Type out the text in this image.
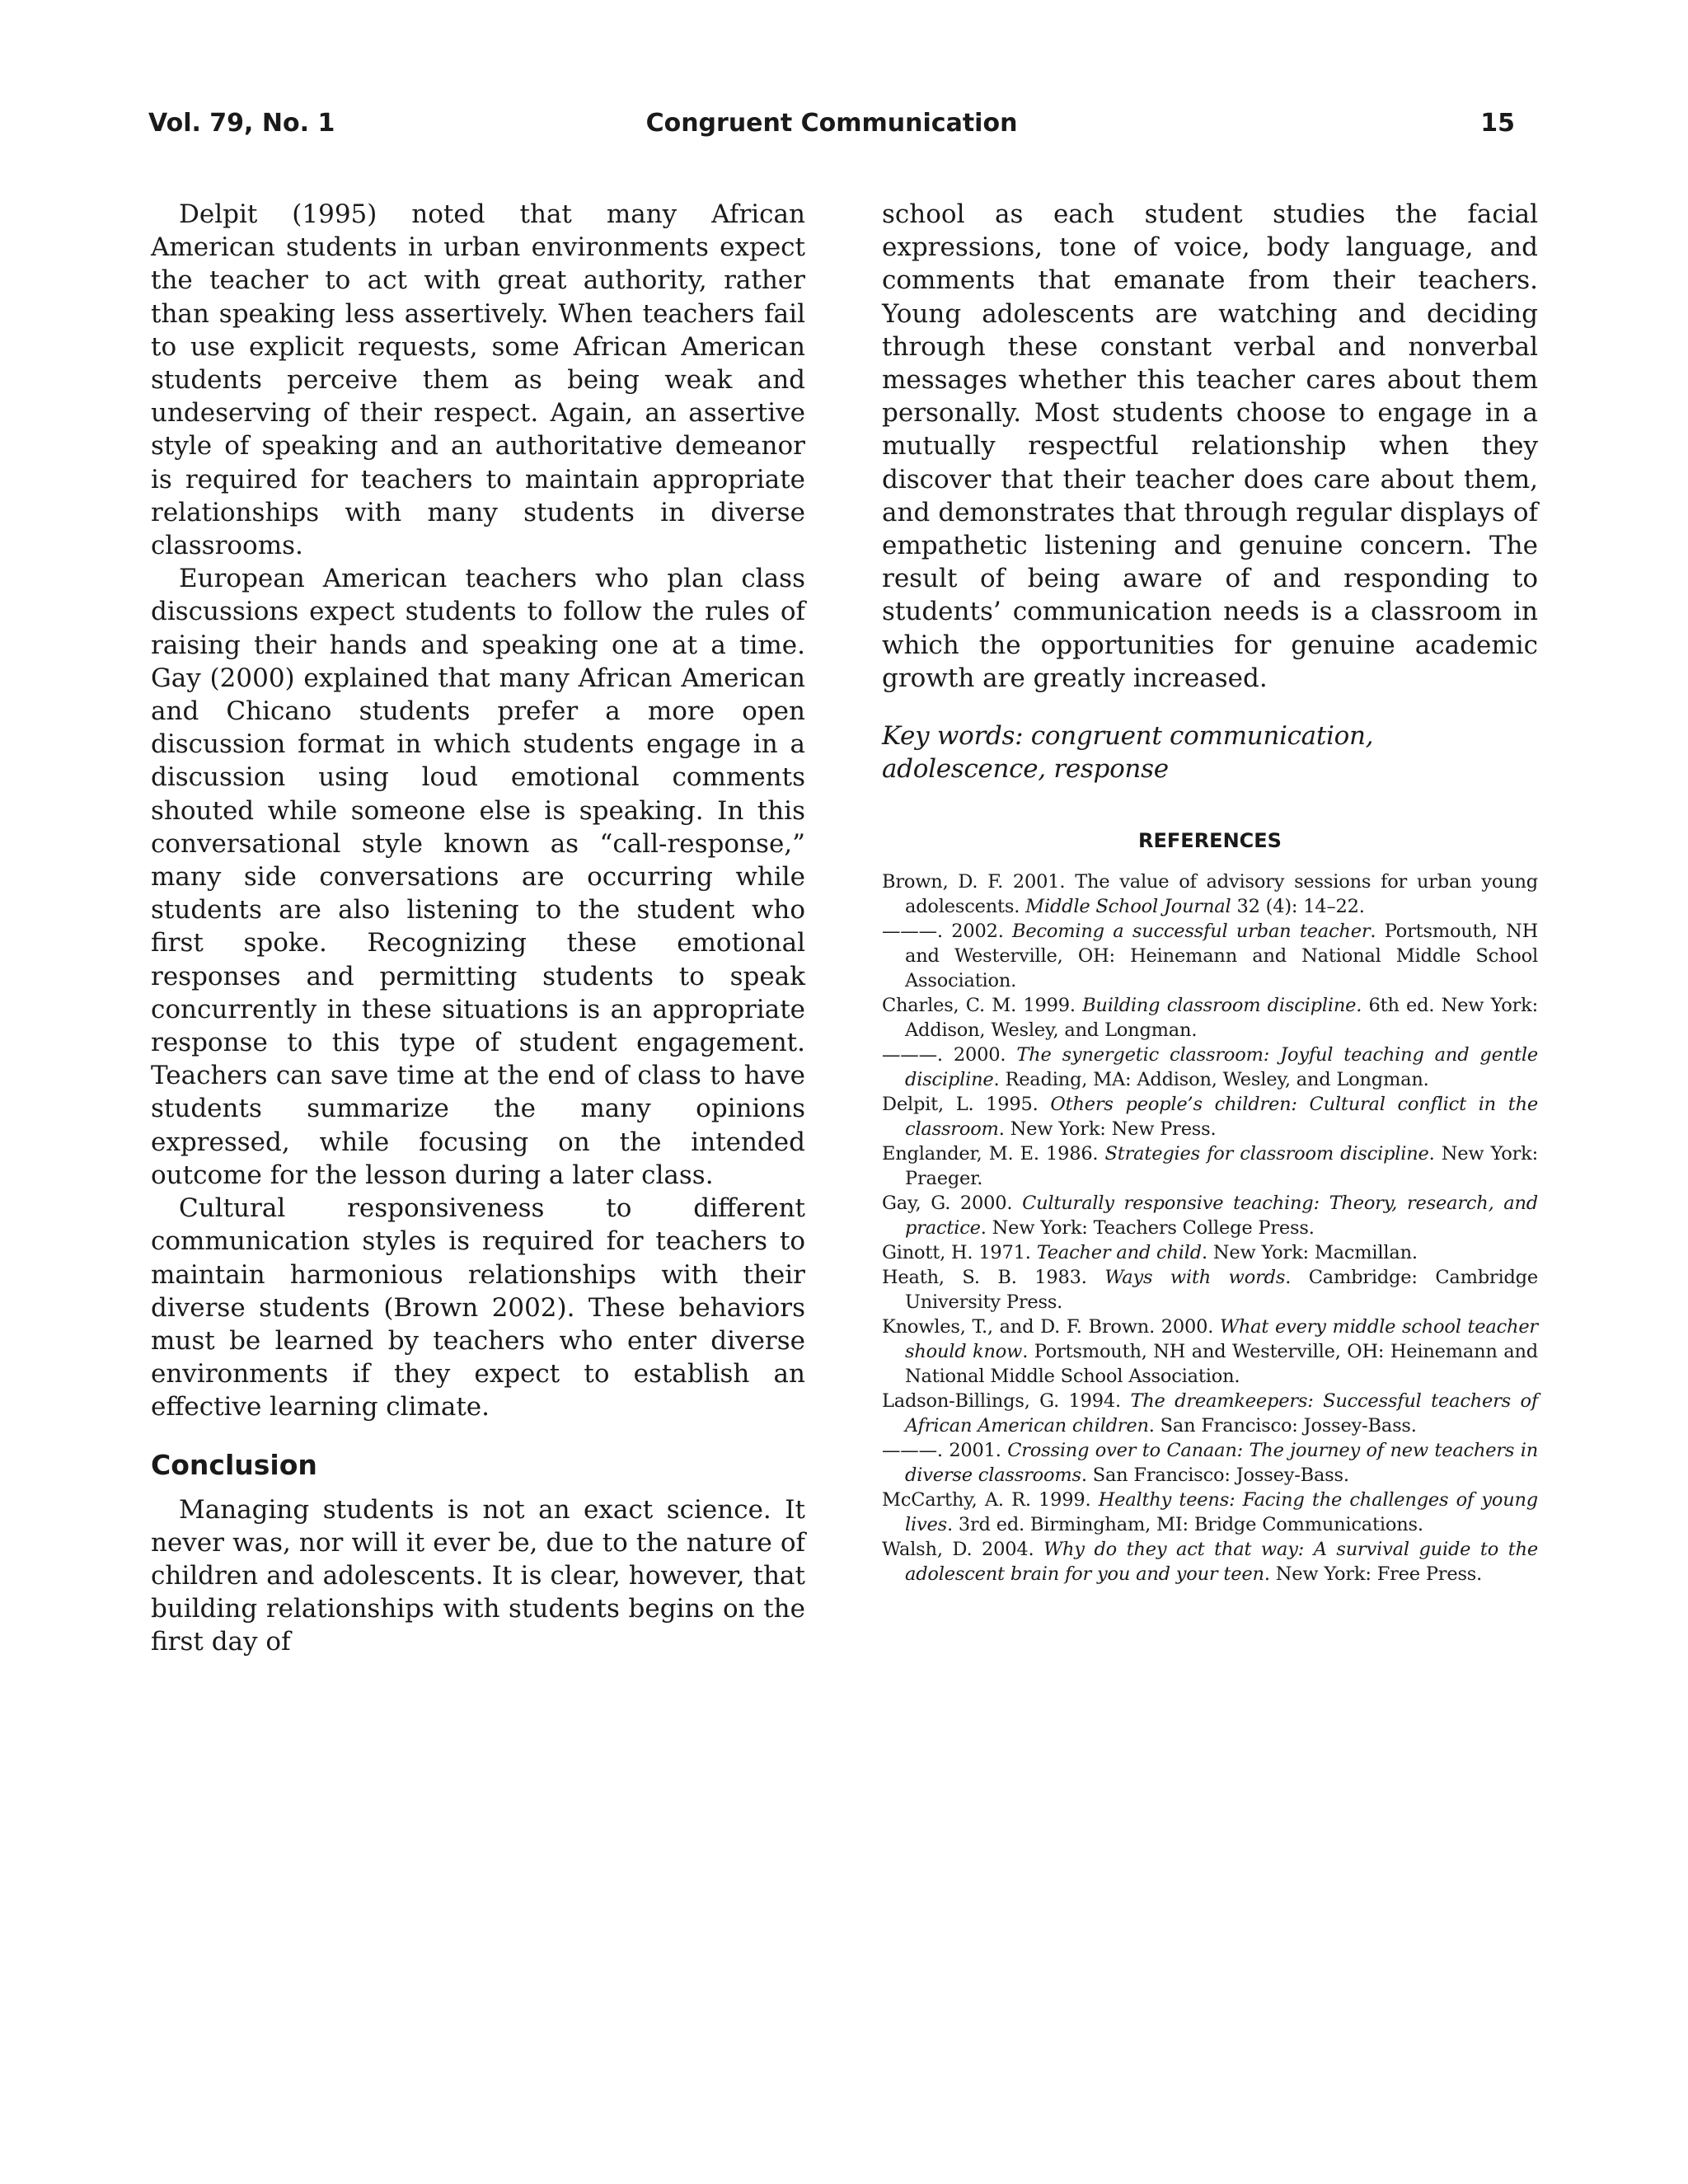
Vol. 79, No. 1	Congruent Communication	15

Delpit (1995) noted that many African American students in urban environments expect the teacher to act with great authority, rather than speaking less assertively. When teachers fail to use explicit requests, some African American students perceive them as being weak and undeserving of their respect. Again, an assertive style of speaking and an authoritative demeanor is required for teachers to maintain appropriate relationships with many students in diverse classrooms.

European American teachers who plan class discussions expect students to follow the rules of raising their hands and speaking one at a time. Gay (2000) explained that many African American and Chicano students prefer a more open discussion format in which students engage in a discussion using loud emotional comments shouted while someone else is speaking. In this conversational style known as “call-response,” many side conversations are occurring while students are also listening to the student who first spoke. Recognizing these emotional responses and permitting students to speak concurrently in these situations is an appropriate response to this type of student engagement. Teachers can save time at the end of class to have students summarize the many opinions expressed, while focusing on the intended outcome for the lesson during a later class.

Cultural responsiveness to different communication styles is required for teachers to maintain harmonious relationships with their diverse students (Brown 2002). These behaviors must be learned by teachers who enter diverse environments if they expect to establish an effective learning climate.

Conclusion

Managing students is not an exact science. It never was, nor will it ever be, due to the nature of children and adolescents. It is clear, however, that building relationships with students begins on the first day of

school as each student studies the facial expressions, tone of voice, body language, and comments that emanate from their teachers. Young adolescents are watching and deciding through these constant verbal and nonverbal messages whether this teacher cares about them personally. Most students choose to engage in a mutually respectful relationship when they discover that their teacher does care about them, and demonstrates that through regular displays of empathetic listening and genuine concern. The result of being aware of and responding to students’ communication needs is a classroom in which the opportunities for genuine academic growth are greatly increased.

Key words: congruent communication, adolescence, response

REFERENCES
Brown, D. F. 2001. The value of advisory sessions for urban young adolescents. Middle School Journal 32 (4): 14–22.
———. 2002. Becoming a successful urban teacher. Portsmouth, NH and Westerville, OH: Heinemann and National Middle School Association.
Charles, C. M. 1999. Building classroom discipline. 6th ed. New York: Addison, Wesley, and Longman.
———. 2000. The synergetic classroom: Joyful teaching and gentle discipline. Reading, MA: Addison, Wesley, and Longman.
Delpit, L. 1995. Others people’s children: Cultural conflict in the classroom. New York: New Press.
Englander, M. E. 1986. Strategies for classroom discipline. New York: Praeger.
Gay, G. 2000. Culturally responsive teaching: Theory, research, and practice. New York: Teachers College Press.
Ginott, H. 1971. Teacher and child. New York: Macmillan.
Heath, S. B. 1983. Ways with words. Cambridge: Cambridge University Press.
Knowles, T., and D. F. Brown. 2000. What every middle school teacher should know. Portsmouth, NH and Westerville, OH: Heinemann and National Middle School Association.
Ladson-Billings, G. 1994. The dreamkeepers: Successful teachers of African American children. San Francisco: Jossey-Bass.
———. 2001. Crossing over to Canaan: The journey of new teachers in diverse classrooms. San Francisco: Jossey-Bass.
McCarthy, A. R. 1999. Healthy teens: Facing the challenges of young lives. 3rd ed. Birmingham, MI: Bridge Communications.
Walsh, D. 2004. Why do they act that way: A survival guide to the adolescent brain for you and your teen. New York: Free Press.
